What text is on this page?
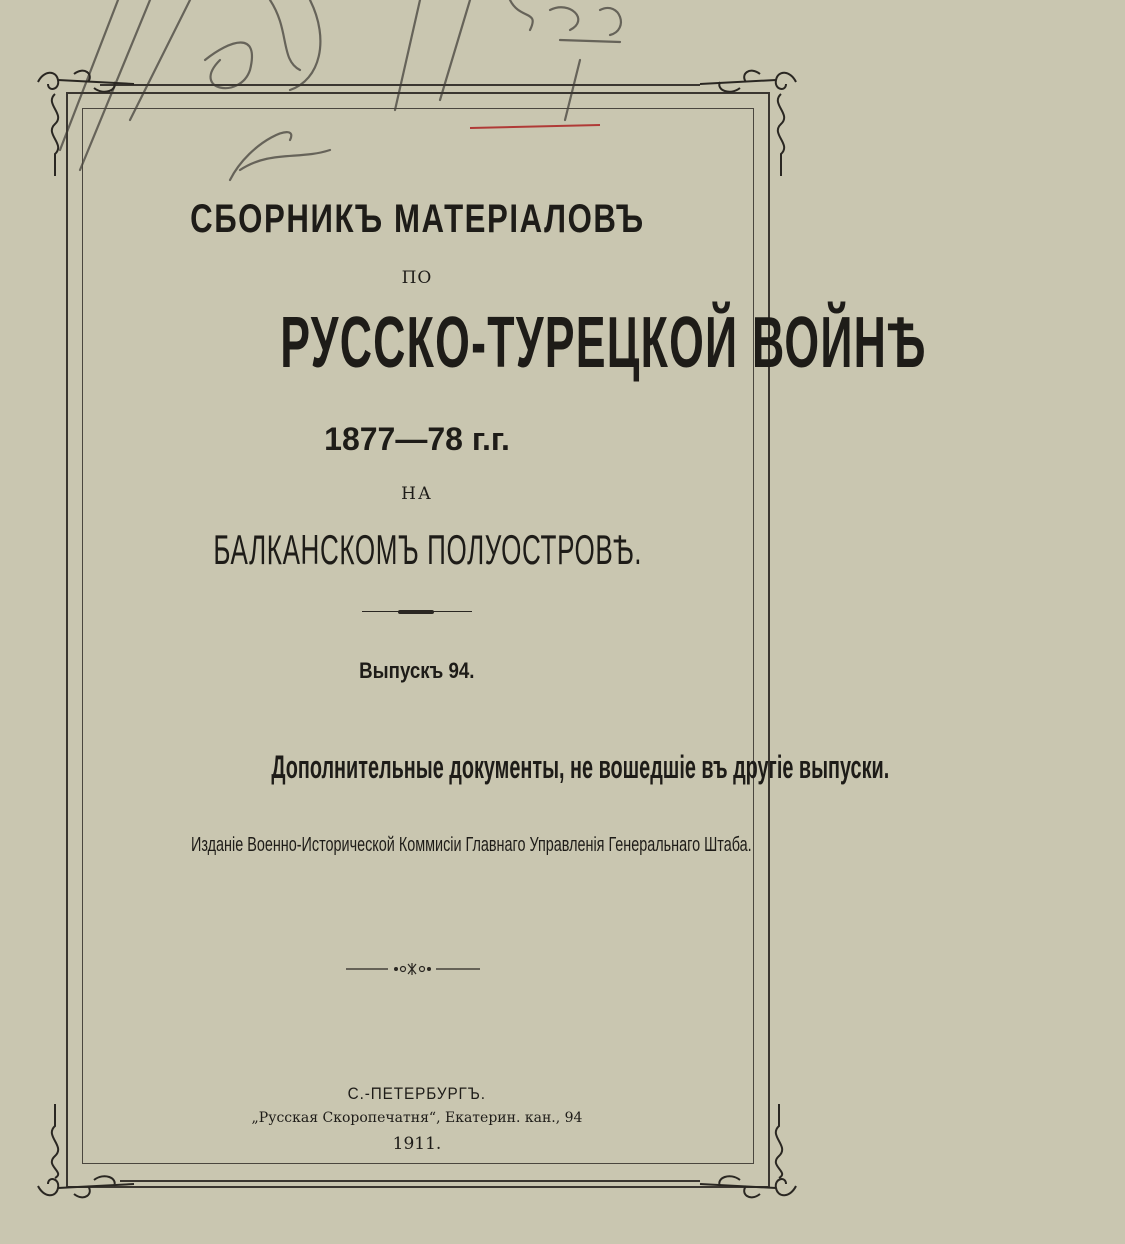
СБОРНИКЪ МАТЕРІАЛОВЪ
ПО
РУССКО-ТУРЕЦКОЙ ВОЙНѢ
1877—78 г.г.
НА
БАЛКАНСКОМЪ ПОЛУОСТРОВѢ.
Выпускъ 94.
Дополнительные документы, не вошедшіе въ другіе выпуски.
Изданіе Военно-Исторической Коммисіи Главнаго Управленія Генеральнаго Штаба.
С.-ПЕТЕРБУРГЪ.
„Русская Скоропечатня“, Екатерин. кан., 94
1911.
